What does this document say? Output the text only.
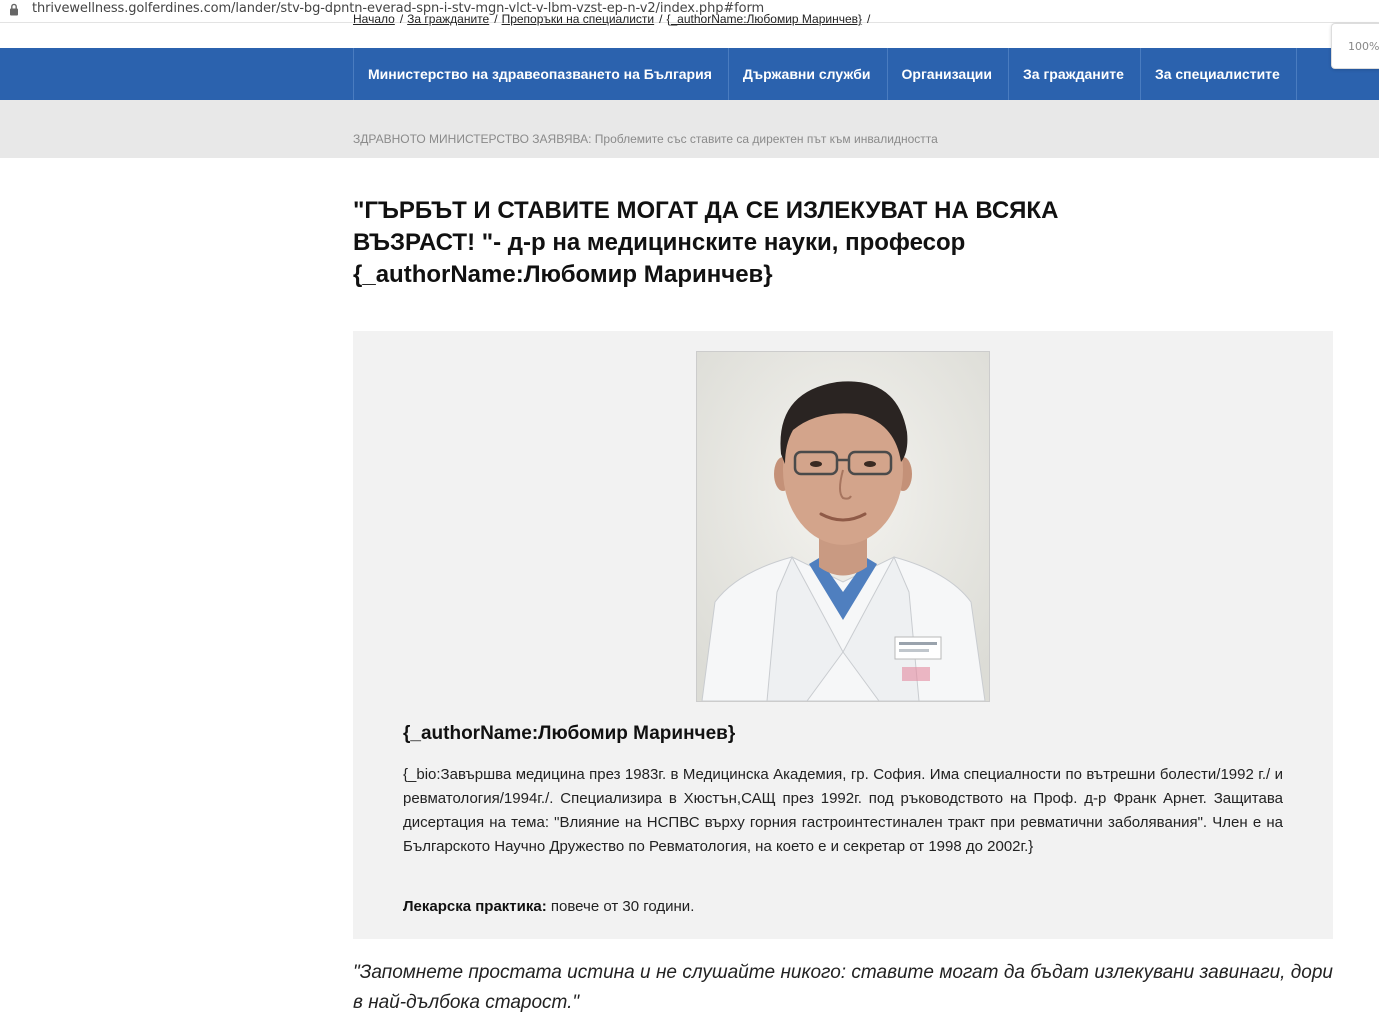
thrivewellness.golferdines.com/lander/stv-bg-dpntn-everad-spn-i-stv-mgn-vlct-v-lbm-vzst-ep-n-v2/index.php#form
100%
Министерство на здравеопазването на България	Държавни служби	Организации	За гражданите	За специалистите
Начало / За гражданите / Препоръки на специалисти / {_authorName:Любомир Маринчев} /
ЗДРАВНОТО МИНИСТЕРСТВО ЗАЯВЯВА: Проблемите със ставите са директен път към инвалидността
"ГЪРБЪТ И СТАВИТЕ МОГАТ ДА СЕ ИЗЛЕКУВАТ НА ВСЯКА ВЪЗРАСТ! "- д-р на медицинските науки, професор {_authorName:Любомир Маринчев}
{_authorName:Любомир Маринчев}

{_bio:Завършва медицина през 1983г. в Медицинска Академия, гр. София. Има специалности по вътрешни болести/1992 г./ и ревматология/1994г./. Специализира в Хюстън,САЩ през 1992г. под ръководството на Проф. д-р Франк Арнет. Защитава дисертация на тема: "Влияние на НСПВС върху горния гастроинтестинален тракт при ревматични заболявания". Член е на Българското Научно Дружество по Ревматология, на което е и секретар от 1998 до 2002г.}

Лекарска практика: повече от 30 години.

"Запомнете простата истина и не слушайте никого: ставите могат да бъдат излекувани завинаги, дори в най-дълбока старост."
